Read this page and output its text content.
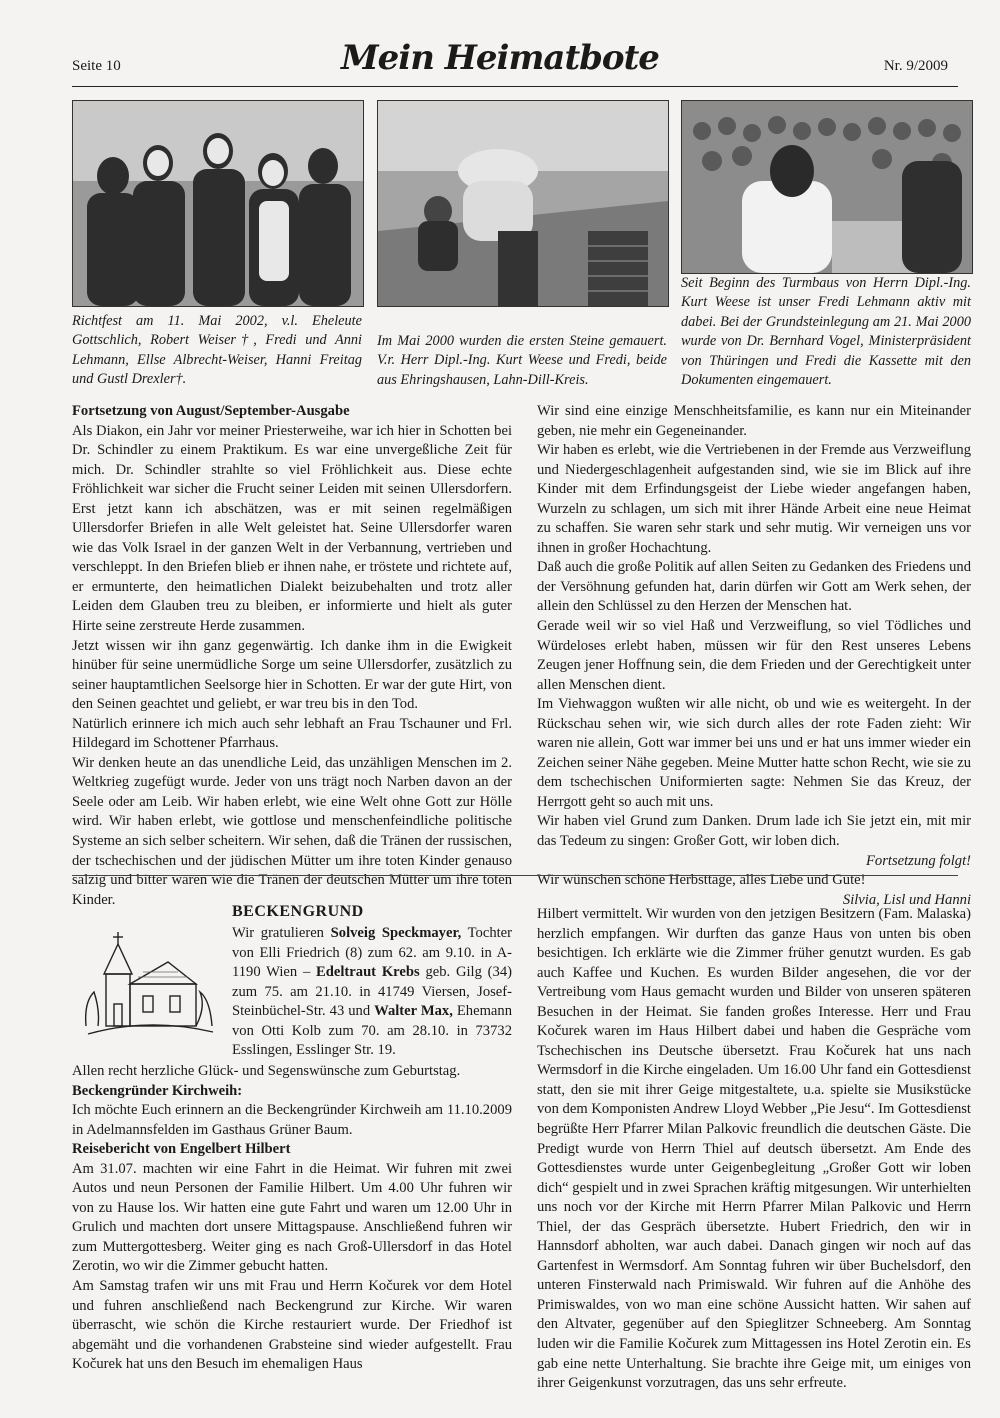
Seite 10	Mein Heimatbote	Nr. 9/2009
Richtfest am 11. Mai 2002, v.l. Eheleute Gottschlich, Robert Weiser†, Fredi und Anni Lehmann, Ellse Albrecht-Weiser, Hanni Freitag und Gustl Drexler†.
Im Mai 2000 wurden die ersten Steine gemauert. V.r. Herr Dipl.-Ing. Kurt Weese und Fredi, beide aus Ehringshausen, Lahn-Dill-Kreis.
Seit Beginn des Turmbaus von Herrn Dipl.-Ing. Kurt Weese ist unser Fredi Lehmann aktiv mit dabei. Bei der Grundsteinlegung am 21. Mai 2000 wurde von Dr. Bernhard Vogel, Ministerpräsident von Thüringen und Fredi die Kassette mit den Dokumenten eingemauert.

Fortsetzung von August/September-Ausgabe

Als Diakon, ein Jahr vor meiner Priesterweihe, war ich hier in Schotten bei Dr. Schindler zu einem Praktikum. Es war eine unvergeßliche Zeit für mich. Dr. Schindler strahlte so viel Fröhlichkeit aus. Diese echte Fröhlichkeit war sicher die Frucht seiner Leiden mit seinen Ullersdorfern. Erst jetzt kann ich abschätzen, was er mit seinen regelmäßigen Ullersdorfer Briefen in alle Welt geleistet hat. Seine Ullersdorfer waren wie das Volk Israel in der ganzen Welt in der Verbannung, vertrieben und verschleppt. In den Briefen blieb er ihnen nahe, er tröstete und richtete auf, er ermunterte, den heimatlichen Dialekt beizubehalten und trotz aller Leiden dem Glauben treu zu bleiben, er informierte und hielt als guter Hirte seine zerstreute Herde zusammen.

Jetzt wissen wir ihn ganz gegenwärtig. Ich danke ihm in die Ewigkeit hinüber für seine unermüdliche Sorge um seine Ullersdorfer, zusätzlich zu seiner hauptamtlichen Seelsorge hier in Schotten. Er war der gute Hirt, von den Seinen geachtet und geliebt, er war treu bis in den Tod.

Natürlich erinnere ich mich auch sehr lebhaft an Frau Tschauner und Frl. Hildegard im Schottener Pfarrhaus.

Wir denken heute an das unendliche Leid, das unzähligen Menschen im 2. Weltkrieg zugefügt wurde. Jeder von uns trägt noch Narben davon an der Seele oder am Leib. Wir haben erlebt, wie eine Welt ohne Gott zur Hölle wird. Wir haben erlebt, wie gottlose und menschenfeindliche politische Systeme an sich selber scheitern. Wir sehen, daß die Tränen der russischen, der tschechischen und der jüdischen Mütter um ihre toten Kinder genauso salzig und bitter waren wie die Tränen der deutschen Mütter um ihre toten Kinder.

Wir sind eine einzige Menschheitsfamilie, es kann nur ein Miteinander geben, nie mehr ein Gegeneinander.

Wir haben es erlebt, wie die Vertriebenen in der Fremde aus Verzweiflung und Niedergeschlagenheit aufgestanden sind, wie sie im Blick auf ihre Kinder mit dem Erfindungsgeist der Liebe wieder angefangen haben, Wurzeln zu schlagen, um sich mit ihrer Hände Arbeit eine neue Heimat zu schaffen. Sie waren sehr stark und sehr mutig. Wir verneigen uns vor ihnen in großer Hochachtung.

Daß auch die große Politik auf allen Seiten zu Gedanken des Friedens und der Versöhnung gefunden hat, darin dürfen wir Gott am Werk sehen, der allein den Schlüssel zu den Herzen der Menschen hat.

Gerade weil wir so viel Haß und Verzweiflung, so viel Tödliches und Würdeloses erlebt haben, müssen wir für den Rest unseres Lebens Zeugen jener Hoffnung sein, die dem Frieden und der Gerechtigkeit unter allen Menschen dient.

Im Viehwaggon wußten wir alle nicht, ob und wie es weitergeht. In der Rückschau sehen wir, wie sich durch alles der rote Faden zieht: Wir waren nie allein, Gott war immer bei uns und er hat uns immer wieder ein Zeichen seiner Nähe gegeben. Meine Mutter hatte schon Recht, wie sie zu dem tschechischen Uniformierten sagte: Nehmen Sie das Kreuz, der Herrgott geht so auch mit uns.

Wir haben viel Grund zum Danken. Drum lade ich Sie jetzt ein, mit mir das Tedeum zu singen: Großer Gott, wir loben dich.

Fortsetzung folgt!

Wir wünschen schöne Herbsttage, alles Liebe und Gute!

Silvia, Lisl und Hanni

BECKENGRUND
Wir gratulieren Solveig Speckmayer, Tochter von Elli Friedrich (8) zum 62. am 9.10. in A-1190 Wien – Edeltraut Krebs geb. Gilg (34) zum 75. am 21.10. in 41749 Viersen, Josef-Steinbüchel-Str. 43 und Walter Max, Ehemann von Otti Kolb zum 70. am 28.10. in 73732 Esslingen, Esslinger Str. 19.

Allen recht herzliche Glück- und Segenswünsche zum Geburtstag.

Beckengründer Kirchweih:

Ich möchte Euch erinnern an die Beckengründer Kirchweih am 11.10.2009 in Adelmannsfelden im Gasthaus Grüner Baum.

Reisebericht von Engelbert Hilbert

Am 31.07. machten wir eine Fahrt in die Heimat. Wir fuhren mit zwei Autos und neun Personen der Familie Hilbert. Um 4.00 Uhr fuhren wir von zu Hause los. Wir hatten eine gute Fahrt und waren um 12.00 Uhr in Grulich und machten dort unsere Mittagspause. Anschließend fuhren wir zum Muttergottesberg. Weiter ging es nach Groß-Ullersdorf in das Hotel Zerotin, wo wir die Zimmer gebucht hatten.

Am Samstag trafen wir uns mit Frau und Herrn Kočurek vor dem Hotel und fuhren anschließend nach Beckengrund zur Kirche. Wir waren überrascht, wie schön die Kirche restauriert wurde. Der Friedhof ist abgemäht und die vorhandenen Grabsteine sind wieder aufgestellt. Frau Kočurek hat uns den Besuch im ehemaligen Haus

Hilbert vermittelt. Wir wurden von den jetzigen Besitzern (Fam. Malaska) herzlich empfangen. Wir durften das ganze Haus von unten bis oben besichtigen. Ich erklärte wie die Zimmer früher genutzt wurden. Es gab auch Kaffee und Kuchen. Es wurden Bilder angesehen, die vor der Vertreibung vom Haus gemacht wurden und Bilder von unseren späteren Besuchen in der Heimat. Sie fanden großes Interesse. Herr und Frau Kočurek waren im Haus Hilbert dabei und haben die Gespräche vom Tschechischen ins Deutsche übersetzt. Frau Kočurek hat uns nach Wermsdorf in die Kirche eingeladen. Um 16.00 Uhr fand ein Gottesdienst statt, den sie mit ihrer Geige mitgestaltete, u.a. spielte sie Musikstücke von dem Komponisten Andrew Lloyd Webber „Pie Jesu“. Im Gottesdienst begrüßte Herr Pfarrer Milan Palkovic freundlich die deutschen Gäste. Die Predigt wurde von Herrn Thiel auf deutsch übersetzt. Am Ende des Gottesdienstes wurde unter Geigenbegleitung „Großer Gott wir loben dich“ gespielt und in zwei Sprachen kräftig mitgesungen. Wir unterhielten uns noch vor der Kirche mit Herrn Pfarrer Milan Palkovic und Herrn Thiel, der das Gespräch übersetzte. Hubert Friedrich, den wir in Hannsdorf abholten, war auch dabei. Danach gingen wir noch auf das Gartenfest in Wermsdorf. Am Sonntag fuhren wir über Buchelsdorf, den unteren Finsterwald nach Primiswald. Wir fuhren auf die Anhöhe des Primiswaldes, von wo man eine schöne Aussicht hatten. Wir sahen auf den Altvater, gegenüber auf den Spieglitzer Schneeberg. Am Sonntag luden wir die Familie Kočurek zum Mittagessen ins Hotel Zerotin ein. Es gab eine nette Unterhaltung. Sie brachte ihre Geige mit, um einiges von ihrer Geigenkunst vorzutragen, das uns sehr erfreute.
